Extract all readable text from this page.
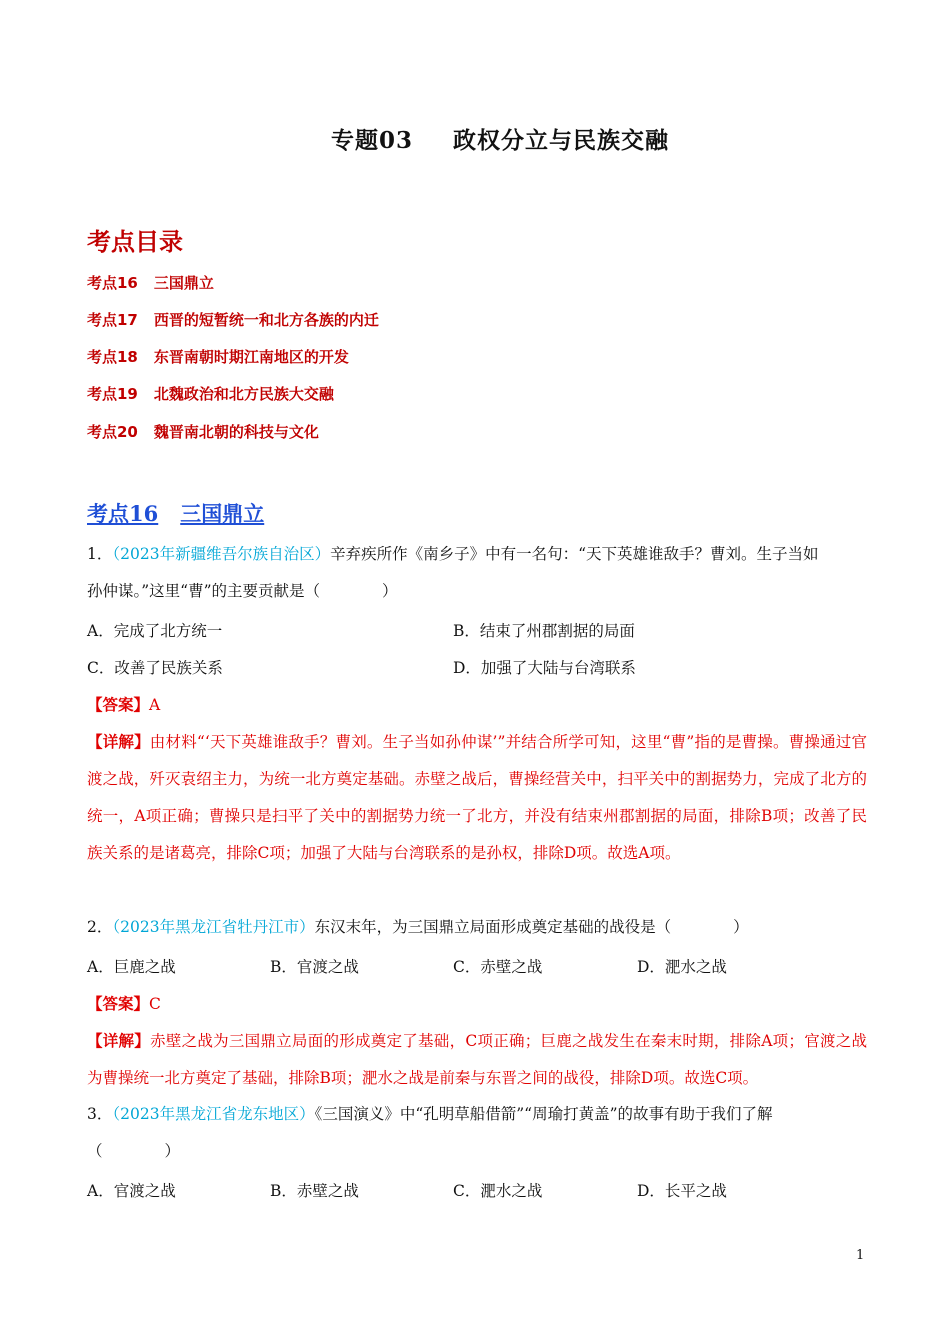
专题03 政权分立与民族交融
考点目录
考点16 三国鼎立
考点17 西晋的短暂统一和北方各族的内迁
考点18 东晋南朝时期江南地区的开发
考点19 北魏政治和北方民族大交融
考点20 魏晋南北朝的科技与文化
考点16 三国鼎立
1．（2023年新疆维吾尔族自治区）辛弃疾所作《南乡子》中有一名句：“天下英雄谁敌手？曹刘。生子当如
孙仲谋。”这里“曹”的主要贡献是（　　　　）
A．完成了北方统一	B．结束了州郡割据的局面
C．改善了民族关系	D．加强了大陆与台湾联系
【答案】A
【详解】由材料“‘天下英雄谁敌手？曹刘。生子当如孙仲谋’”并结合所学可知，这里“曹”指的是曹操。曹操通过官渡之战，歼灭袁绍主力，为统一北方奠定基础。赤壁之战后，曹操经营关中，扫平关中的割据势力，完成了北方的统一，A项正确；曹操只是扫平了关中的割据势力统一了北方，并没有结束州郡割据的局面，排除B项；改善了民族关系的是诸葛亮，排除C项；加强了大陆与台湾联系的是孙权，排除D项。故选A项。
2．（2023年黑龙江省牡丹江市）东汉末年，为三国鼎立局面形成奠定基础的战役是（　　　　）
A．巨鹿之战	B．官渡之战	C．赤壁之战	D．淝水之战
【答案】C
【详解】赤壁之战为三国鼎立局面的形成奠定了基础，C项正确；巨鹿之战发生在秦末时期，排除A项；官渡之战为曹操统一北方奠定了基础，排除B项；淝水之战是前秦与东晋之间的战役，排除D项。故选C项。
3．（2023年黑龙江省龙东地区）《三国演义》中“孔明草船借箭”“周瑜打黄盖”的故事有助于我们了解
（　　　　）
A．官渡之战	B．赤壁之战	C．淝水之战	D．长平之战
1
